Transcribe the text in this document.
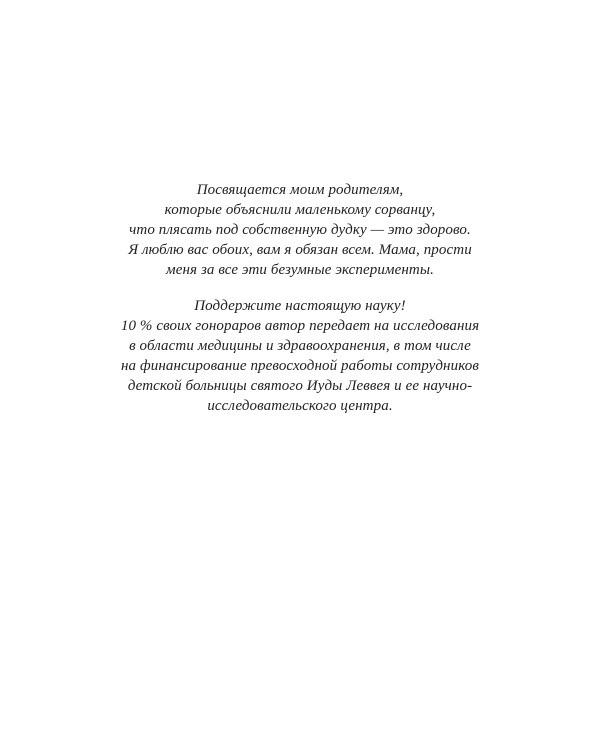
Посвящается моим родителям,
которые объяснили маленькому сорванцу,
что плясать под собственную дудку — это здорово.
Я люблю вас обоих, вам я обязан всем. Мама, прости
меня за все эти безумные эксперименты.
Поддержите настоящую науку!
10 % своих гонораров автор передает на исследования
в области медицины и здравоохранения, в том числе
на финансирование превосходной работы сотрудников
детской больницы святого Иуды Леввея и ее научно-
исследовательского центра.
